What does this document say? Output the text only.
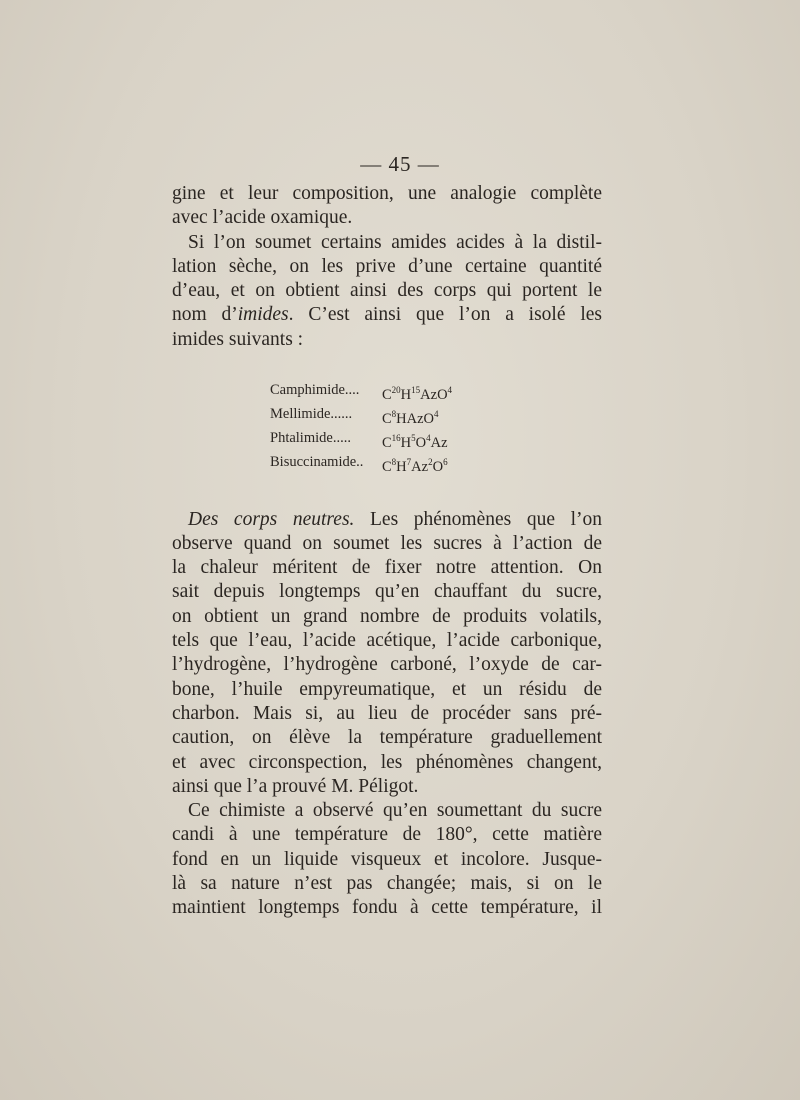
— 45 —
gine et leur composition, une analogie complète
avec l’acide oxamique.
Si l’on soumet certains amides acides à la distil-
lation sèche, on les prive d’une certaine quantité
d’eau, et on obtient ainsi des corps qui portent le
nom d’imides. C’est ainsi que l’on a isolé les
imides suivants :
Camphimide....	$C^{20}H^{15}AzO^4$
Mellimide......	$C^8HAzO^4$
Phtalimide.....	$C^{16}H^5O^4Az$
Bisuccinamide..	$C^8H^7Az^2O^6$
Des corps neutres. Les phénomènes que l’on
observe quand on soumet les sucres à l’action de
la chaleur méritent de fixer notre attention. On
sait depuis longtemps qu’en chauffant du sucre,
on obtient un grand nombre de produits volatils,
tels que l’eau, l’acide acétique, l’acide carbonique,
l’hydrogène, l’hydrogène carboné, l’oxyde de car-
bone, l’huile empyreumatique, et un résidu de
charbon. Mais si, au lieu de procéder sans pré-
caution, on élève la température graduellement
et avec circonspection, les phénomènes changent,
ainsi que l’a prouvé M. Péligot.
Ce chimiste a observé qu’en soumettant du sucre
candi à une température de 180°, cette matière
fond en un liquide visqueux et incolore. Jusque-
là sa nature n’est pas changée; mais, si on le
maintient longtemps fondu à cette température, il
